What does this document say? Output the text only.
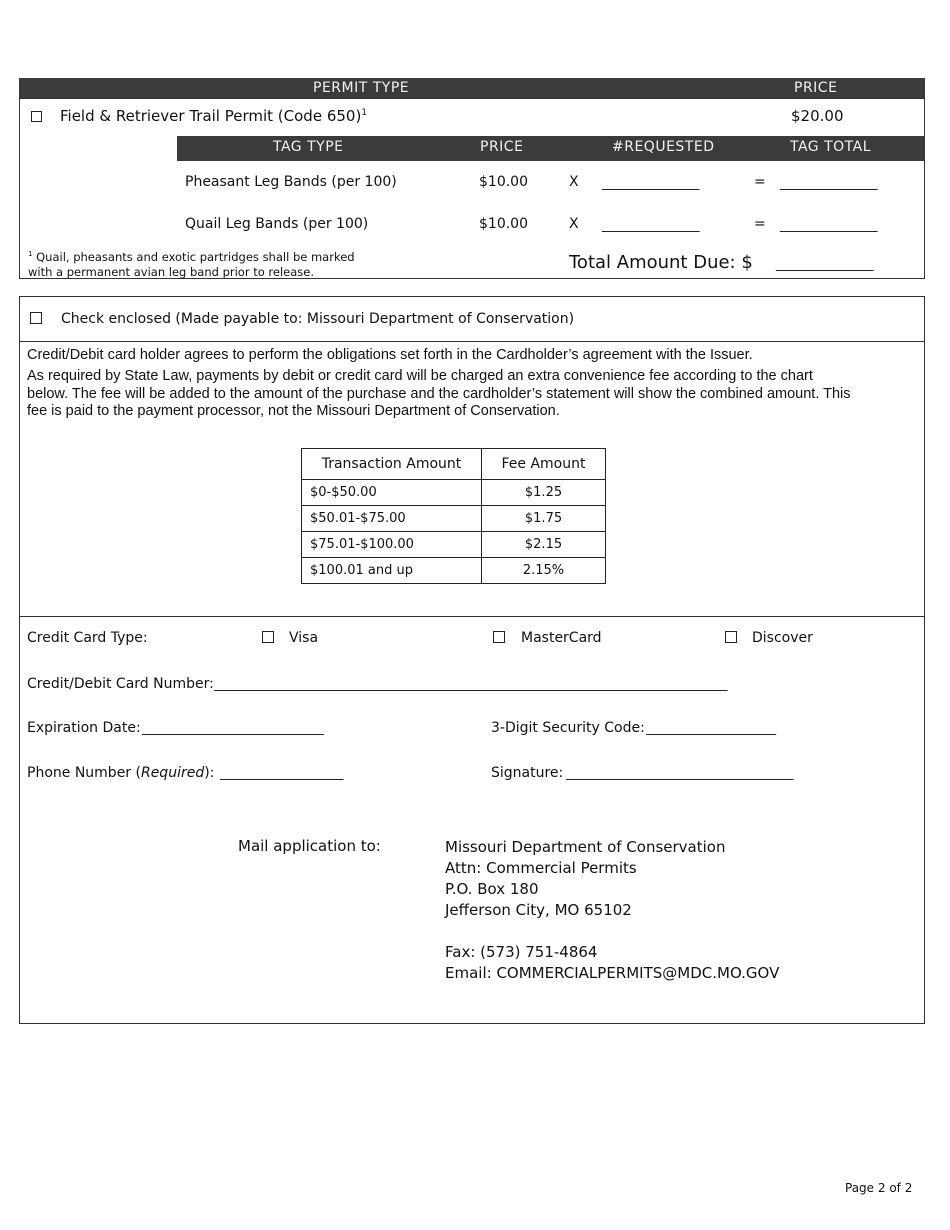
PERMIT TYPE	PRICE
Field & Retriever Trail Permit (Code 650)$^1$	$20.00
TAG TYPE	PRICE	#REQUESTED	TAG TOTAL
Pheasant Leg Bands (per 100)	$10.00	X _______________	= _______________
Quail Leg Bands (per 100)	$10.00	X _______________	= _______________
$^1$ Quail, pheasants and exotic partridges shall be marked
with a permanent avian leg band prior to release.	Total Amount Due: $ _______________
Check enclosed (Made payable to: Missouri Department of Conservation)
Credit/Debit card holder agrees to perform the obligations set forth in the Cardholder’s agreement with the Issuer.
As required by State Law, payments by debit or credit card will be charged an extra convenience fee according to the chart
below. The fee will be added to the amount of the purchase and the cardholder’s statement will show the combined amount. This
fee is paid to the payment processor, not the Missouri Department of Conservation.
Transaction Amount	Fee Amount
$0-$50.00	$1.25
$50.01-$75.00	$1.75
$75.01-$100.00	$2.15
$100.01 and up	2.15%
Credit Card Type:	Visa	MasterCard	Discover
Credit/Debit Card Number: _______________________________________________________________________________
Expiration Date: ____________________________	3-Digit Security Code: ____________________
Phone Number (Required): ___________________	Signature: ___________________________________
Mail application to:	Missouri Department of Conservation
Attn: Commercial Permits
P.O. Box 180
Jefferson City, MO 65102
Fax: (573) 751-4864
Email: COMMERCIALPERMITS@MDC.MO.GOV
Page 2 of 2
